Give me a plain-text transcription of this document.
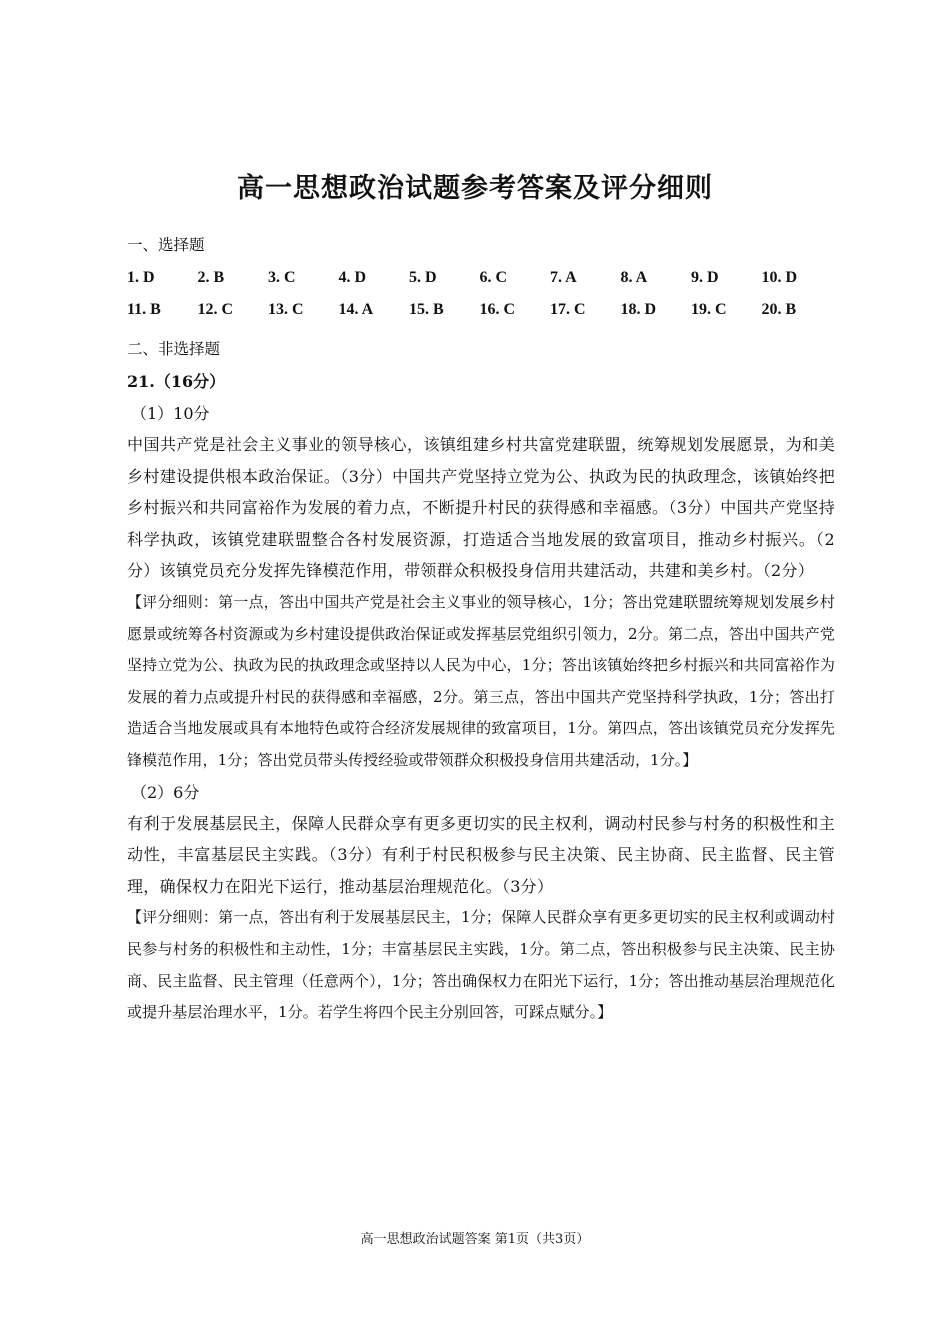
高一思想政治试题参考答案及评分细则

一、选择题

1. D	2. B	3. C	4. D	5. D	6. C	7. A	8. A	9. D	10. D
11. B	12. C	13. C	14. A	15. B	16. C	17. C	18. D	19. C	20. B

二、非选择题

21.（16分）

（1）10分

中国共产党是社会主义事业的领导核心，该镇组建乡村共富党建联盟，统筹规划发展愿景，为和美乡村建设提供根本政治保证。（3分）中国共产党坚持立党为公、执政为民的执政理念，该镇始终把乡村振兴和共同富裕作为发展的着力点，不断提升村民的获得感和幸福感。（3分）中国共产党坚持科学执政，该镇党建联盟整合各村发展资源，打造适合当地发展的致富项目，推动乡村振兴。（2分）该镇党员充分发挥先锋模范作用，带领群众积极投身信用共建活动，共建和美乡村。（2分）

【评分细则：第一点，答出中国共产党是社会主义事业的领导核心，1分；答出党建联盟统筹规划发展乡村愿景或统筹各村资源或为乡村建设提供政治保证或发挥基层党组织引领力，2分。第二点，答出中国共产党坚持立党为公、执政为民的执政理念或坚持以人民为中心，1分；答出该镇始终把乡村振兴和共同富裕作为发展的着力点或提升村民的获得感和幸福感，2分。第三点，答出中国共产党坚持科学执政，1分；答出打造适合当地发展或具有本地特色或符合经济发展规律的致富项目，1分。第四点，答出该镇党员充分发挥先锋模范作用，1分；答出党员带头传授经验或带领群众积极投身信用共建活动，1分。】

（2）6分

有利于发展基层民主，保障人民群众享有更多更切实的民主权利，调动村民参与村务的积极性和主动性，丰富基层民主实践。（3分）有利于村民积极参与民主决策、民主协商、民主监督、民主管理，确保权力在阳光下运行，推动基层治理规范化。（3分）

【评分细则：第一点，答出有利于发展基层民主，1分；保障人民群众享有更多更切实的民主权利或调动村民参与村务的积极性和主动性，1分；丰富基层民主实践，1分。第二点，答出积极参与民主决策、民主协商、民主监督、民主管理（任意两个），1分；答出确保权力在阳光下运行，1分；答出推动基层治理规范化或提升基层治理水平，1分。若学生将四个民主分别回答，可踩点赋分。】

高一思想政治试题答案 第1页（共3页）
